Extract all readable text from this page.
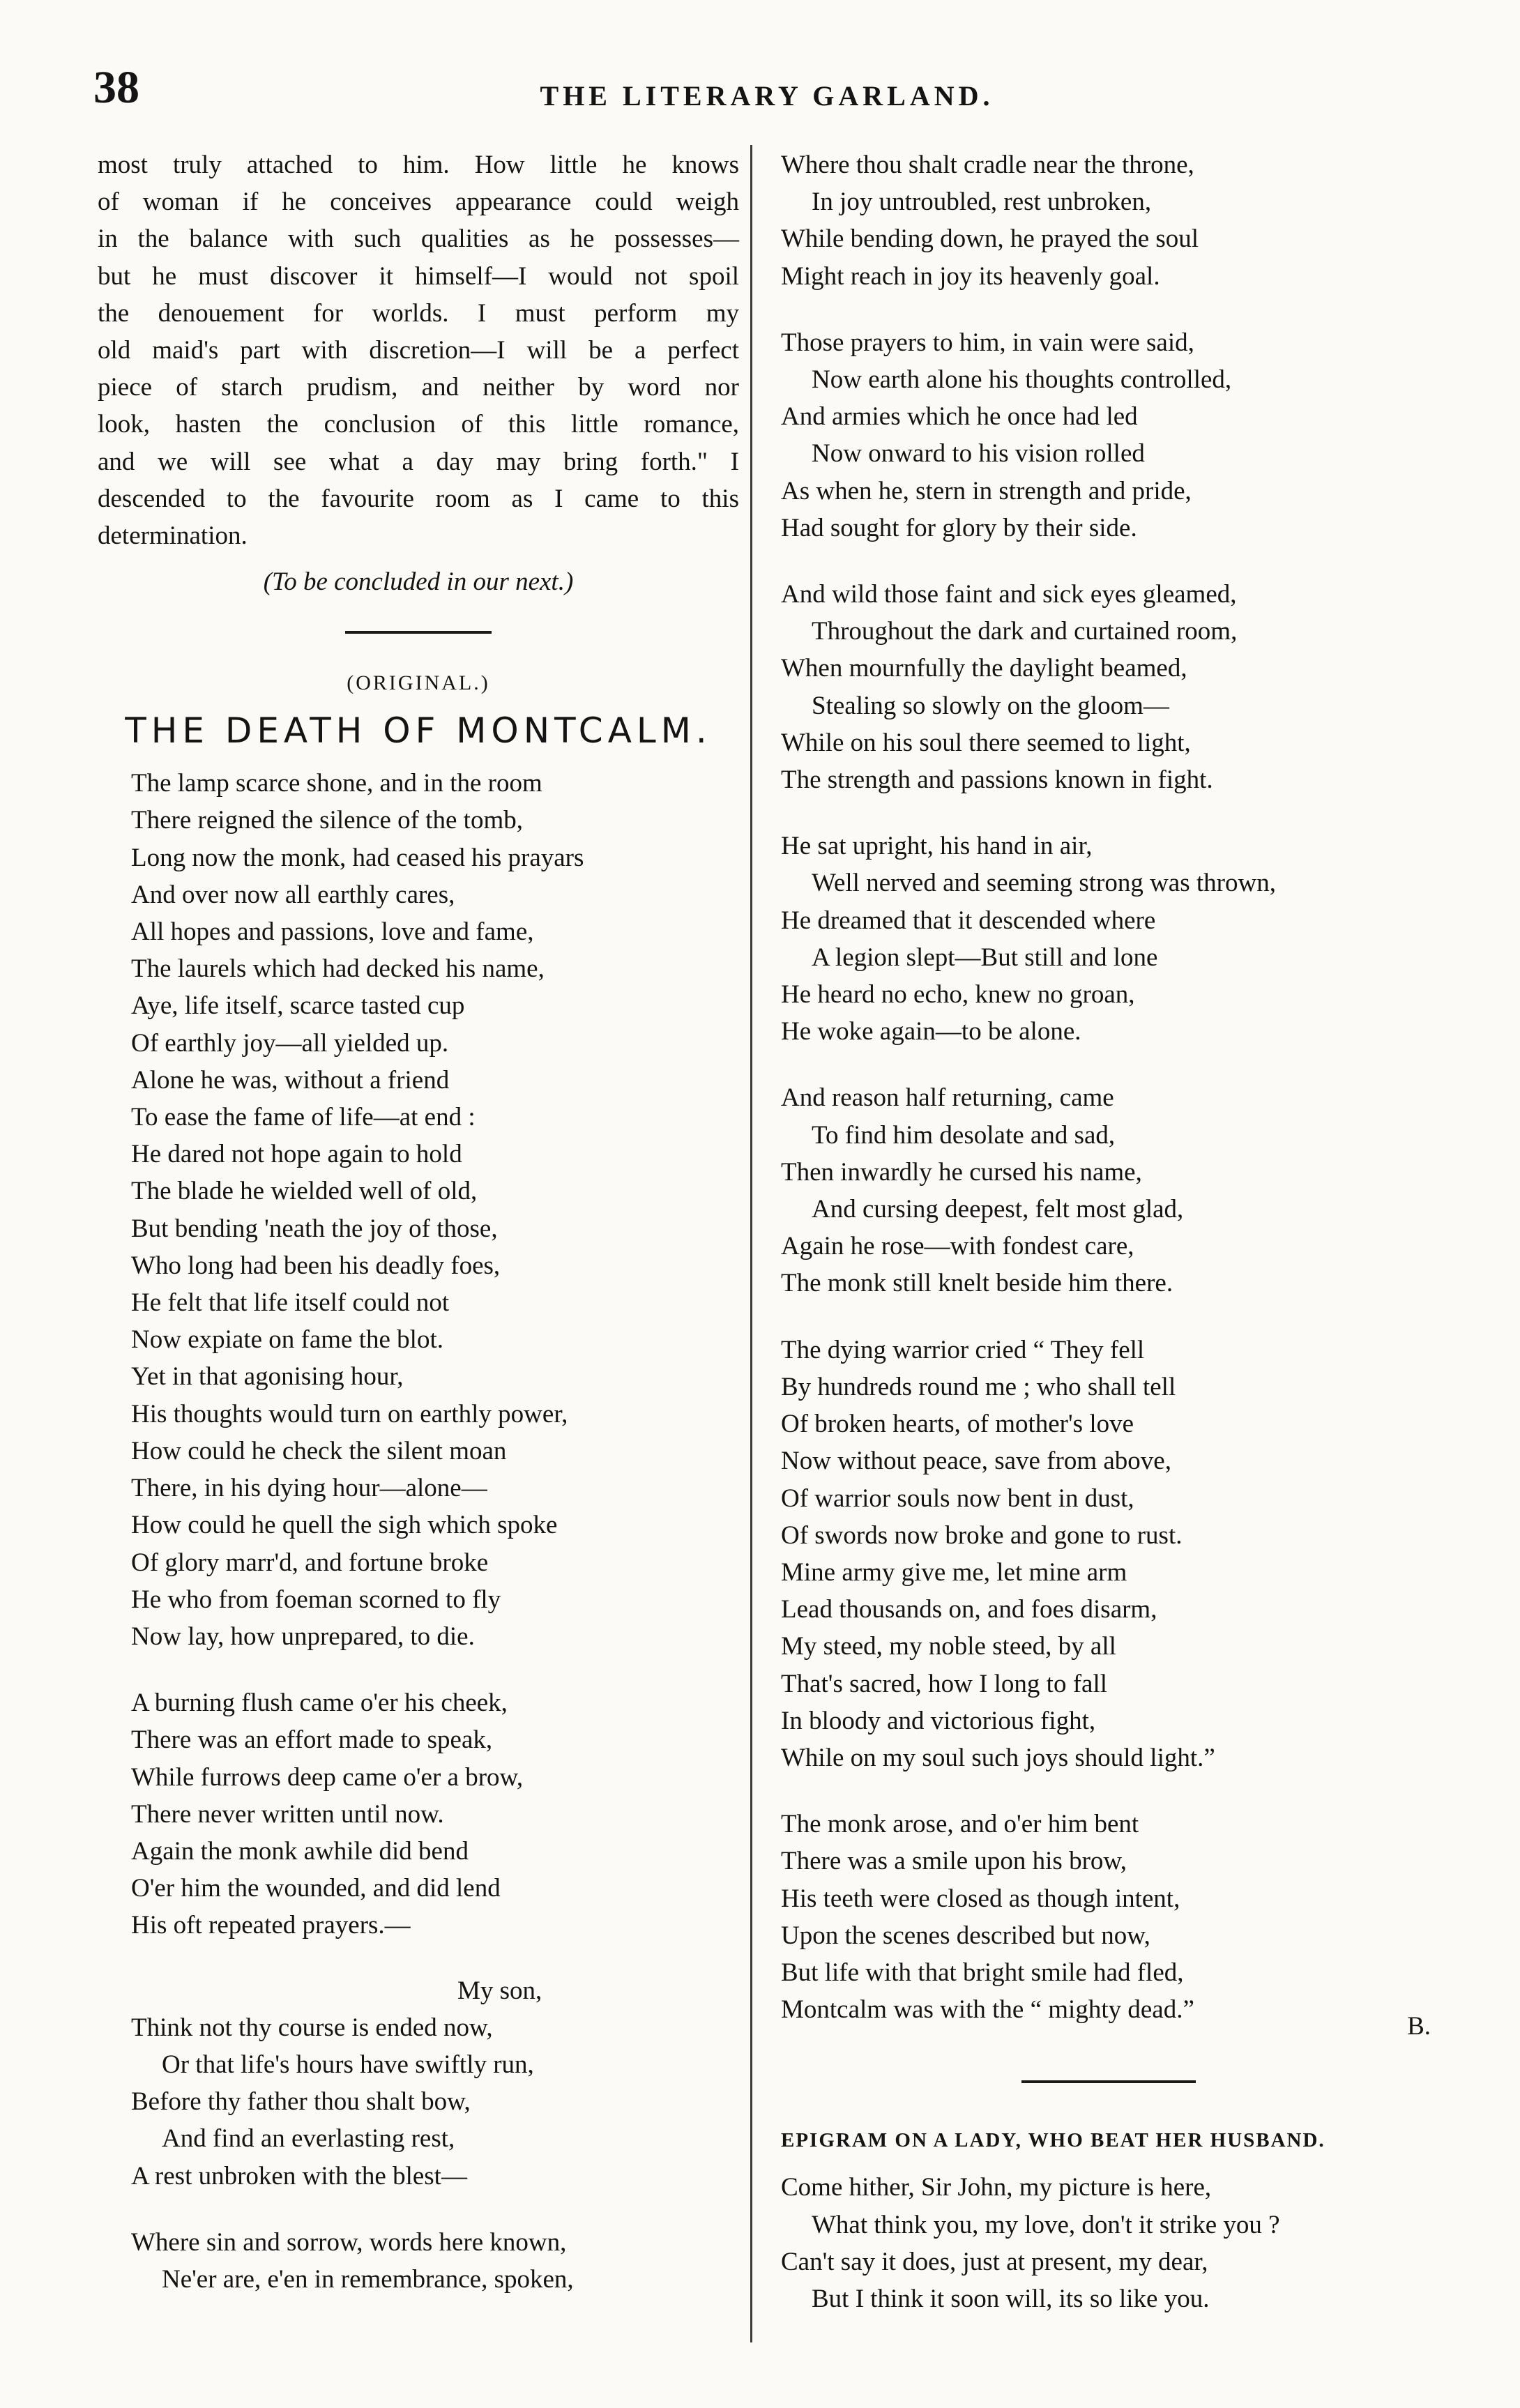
38	THE LITERARY GARLAND.

most truly attached to him. How little he knows

of woman if he conceives appearance could weigh

in the balance with such qualities as he possesses—

but he must discover it himself—I would not spoil

the denouement for worlds. I must perform my

old maid's part with discretion—I will be a perfect

piece of starch prudism, and neither by word nor

look, hasten the conclusion of this little romance,

and we will see what a day may bring forth." I

descended to the favourite room as I came to this

determination.

(To be concluded in our next.)

(ORIGINAL.)

THE DEATH OF MONTCALM.

The lamp scarce shone, and in the room
There reigned the silence of the tomb,
Long now the monk, had ceased his prayars
And over now all earthly cares,
All hopes and passions, love and fame,
The laurels which had decked his name,
Aye, life itself, scarce tasted cup
Of earthly joy—all yielded up.
Alone he was, without a friend
To ease the fame of life—at end :
He dared not hope again to hold
The blade he wielded well of old,
But bending 'neath the joy of those,
Who long had been his deadly foes,
He felt that life itself could not
Now expiate on fame the blot.
Yet in that agonising hour,
His thoughts would turn on earthly power,
How could he check the silent moan
There, in his dying hour—alone—
How could he quell the sigh which spoke
Of glory marr'd, and fortune broke
He who from foeman scorned to fly
Now lay, how unprepared, to die.
A burning flush came o'er his cheek,
There was an effort made to speak,
While furrows deep came o'er a brow,
There never written until now.
Again the monk awhile did bend
O'er him the wounded, and did lend
His oft repeated prayers.—
My son,
Think not thy course is ended now,
Or that life's hours have swiftly run,
Before thy father thou shalt bow,
And find an everlasting rest,
A rest unbroken with the blest—
Where sin and sorrow, words here known,
Ne'er are, e'en in remembrance, spoken,
Where thou shalt cradle near the throne,
In joy untroubled, rest unbroken,
While bending down, he prayed the soul
Might reach in joy its heavenly goal.
Those prayers to him, in vain were said,
Now earth alone his thoughts controlled,
And armies which he once had led
Now onward to his vision rolled
As when he, stern in strength and pride,
Had sought for glory by their side.
And wild those faint and sick eyes gleamed,
Throughout the dark and curtained room,
When mournfully the daylight beamed,
Stealing so slowly on the gloom—
While on his soul there seemed to light,
The strength and passions known in fight.
He sat upright, his hand in air,
Well nerved and seeming strong was thrown,
He dreamed that it descended where
A legion slept—But still and lone
He heard no echo, knew no groan,
He woke again—to be alone.
And reason half returning, came
To find him desolate and sad,
Then inwardly he cursed his name,
And cursing deepest, felt most glad,
Again he rose—with fondest care,
The monk still knelt beside him there.
The dying warrior cried “ They fell
By hundreds round me ; who shall tell
Of broken hearts, of mother's love
Now without peace, save from above,
Of warrior souls now bent in dust,
Of swords now broke and gone to rust.
Mine army give me, let mine arm
Lead thousands on, and foes disarm,
My steed, my noble steed, by all
That's sacred, how I long to fall
In bloody and victorious fight,
While on my soul such joys should light.”
The monk arose, and o'er him bent
There was a smile upon his brow,
His teeth were closed as though intent,
Upon the scenes described but now,
But life with that bright smile had fled,
Montcalm was with the “ mighty dead.”

B.

EPIGRAM ON A LADY, WHO BEAT HER HUSBAND.

Come hither, Sir John, my picture is here,
What think you, my love, don't it strike you ?
Can't say it does, just at present, my dear,
But I think it soon will, its so like you.
